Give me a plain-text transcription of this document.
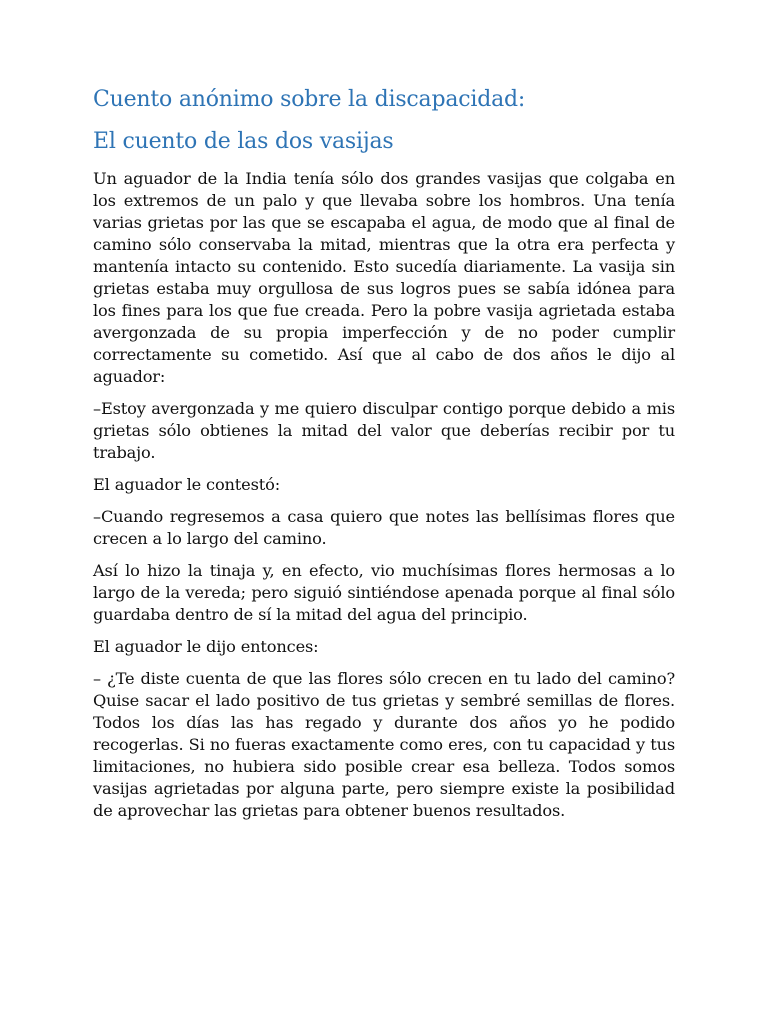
Cuento anónimo sobre la discapacidad:
El cuento de las dos vasijas

Un aguador de la India tenía sólo dos grandes vasijas que colgaba en los extremos de un palo y que llevaba sobre los hombros. Una tenía varias grietas por las que se escapaba el agua, de modo que al final de camino sólo conservaba la mitad, mientras que la otra era perfecta y mantenía intacto su contenido. Esto sucedía diariamente. La vasija sin grietas estaba muy orgullosa de sus logros pues se sabía idónea para los fines para los que fue creada. Pero la pobre vasija agrietada estaba avergonzada de su propia imperfección y de no poder cumplir correctamente su cometido. Así que al cabo de dos años le dijo al aguador:

–Estoy avergonzada y me quiero disculpar contigo porque debido a mis grietas sólo obtienes la mitad del valor que deberías recibir por tu trabajo.

El aguador le contestó:

–Cuando regresemos a casa quiero que notes las bellísimas flores que crecen a lo largo del camino.

Así lo hizo la tinaja y, en efecto, vio muchísimas flores hermosas a lo largo de la vereda; pero siguió sintiéndose apenada porque al final sólo guardaba dentro de sí la mitad del agua del principio.

El aguador le dijo entonces:

– ¿Te diste cuenta de que las flores sólo crecen en tu lado del camino? Quise sacar el lado positivo de tus grietas y sembré semillas de flores. Todos los días las has regado y durante dos años yo he podido recogerlas. Si no fueras exactamente como eres, con tu capacidad y tus limitaciones, no hubiera sido posible crear esa belleza. Todos somos vasijas agrietadas por alguna parte, pero siempre existe la posibilidad de aprovechar las grietas para obtener buenos resultados.
